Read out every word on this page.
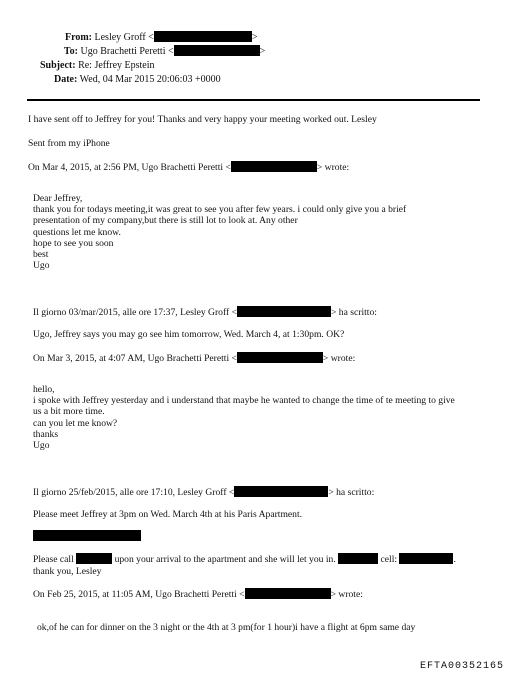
From: Lesley Groff <	>
To: Ugo Brachetti Peretti <	>
Subject: Re: Jeffrey Epstein
Date: Wed, 04 Mar 2015 20:06:03 +0000
I have sent off to Jeffrey for you! Thanks and very happy your meeting worked out. Lesley
Sent from my iPhone
On Mar 4, 2015, at 2:56 PM, Ugo Brachetti Peretti <	> wrote:
Dear Jeffrey,
thank you for todays meeting,it was great to see you after few years. i could only give you a brief
presentation of my company,but there is still lot to look at. Any other
questions let me know.
hope to see you soon
best
Ugo
Il giorno 03/mar/2015, alle ore 17:37, Lesley Groff <	> ha scritto:
Ugo, Jeffrey says you may go see him tomorrow, Wed. March 4, at 1:30pm. OK?
On Mar 3, 2015, at 4:07 AM, Ugo Brachetti Peretti <	> wrote:
hello,
i spoke with Jeffrey yesterday and i understand that maybe he wanted to change the time of te meeting to give
us a bit more time.
can you let me know?
thanks
Ugo
Il giorno 25/feb/2015, alle ore 17:10, Lesley Groff <	> ha scritto:
Please meet Jeffrey at 3pm on Wed. March 4th at his Paris Apartment.
Please call	upon your arrival to the apartment and she will let you in.	cell:	.
thank you, Lesley
On Feb 25, 2015, at 11:05 AM, Ugo Brachetti Peretti <	> wrote:
ok,of he can for dinner on the 3 night or the 4th at 3 pm(for 1 hour)i have a flight at 6pm same day
EFTA00352165
